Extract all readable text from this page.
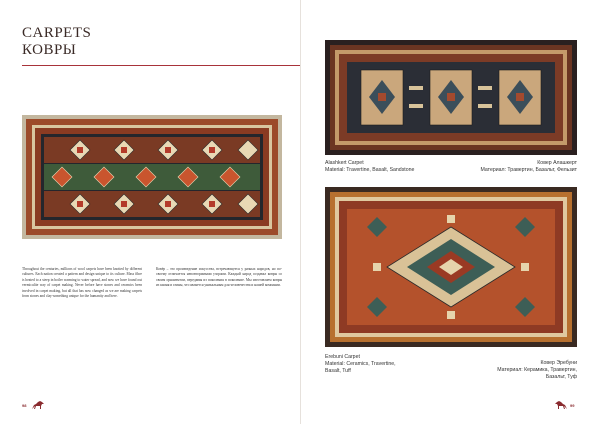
CARPETS
КОВРЫ
Throughout the centuries, millions of wool carpets have been knotted by different cultures. Each nation created a pattern and design unique to its culture. Mass fibre is heated to a steep in boiler warming to water spread, and now we have found out vermiculite way of carpet making. Never before have stones and ceramics been involved in carpet making, but all that has now changed as we are making carpets from stones and clay-something unique for the humanity and here.
Ковёр – это произведение искусства, встречающееся у разных народов, но по-своему отличается неповторимыми узорами. Каждый народ создавал ковры со своим орнаментом, передавая из поколения в поколение. Мы изготовляем ковры из камня и глины, что является уникальным для человечества и нашей компании.
Alashkert Carpet
Material: Travertine, Basalt, Sandstone
Ковер Алашкерт
Материал: Травертин, Базальт, Фельзит
Erebuni Carpet
Material: Ceramics, Travertine,
Basalt, Tuff
Ковер Эребуни
Материал: Керамика, Травертин,
Базальт, Туф
98	99
